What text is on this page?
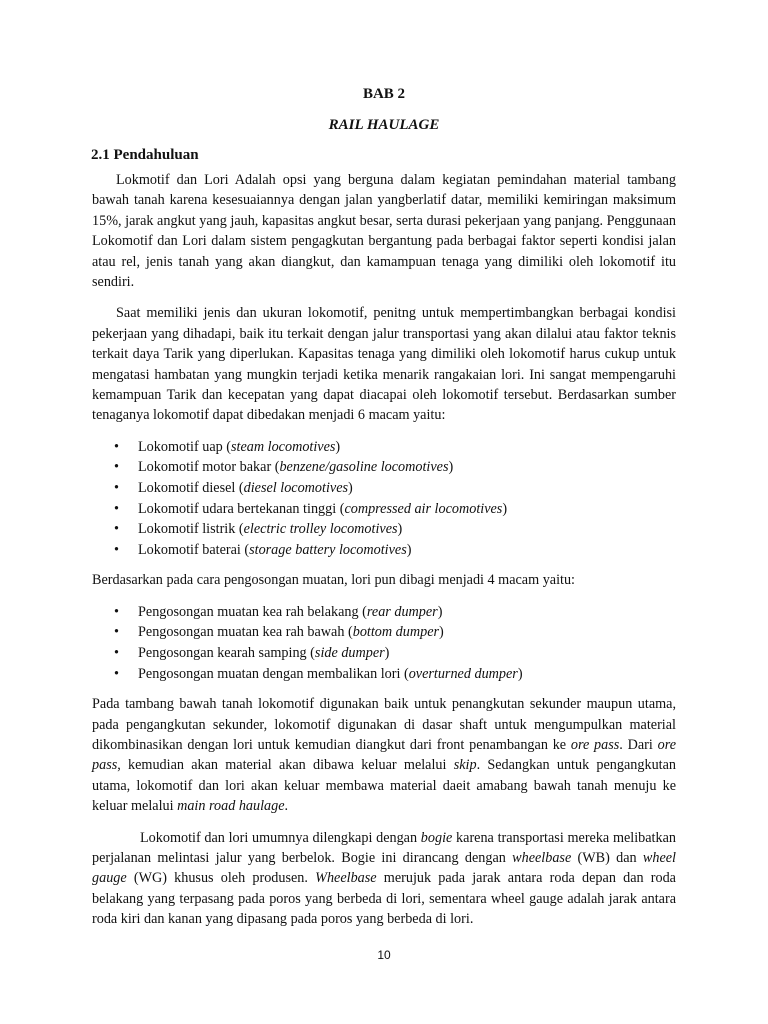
BAB 2
RAIL HAULAGE
2.1 Pendahuluan

Lokmotif dan Lori Adalah opsi yang berguna dalam kegiatan pemindahan material tambang bawah tanah karena kesesuaiannya dengan jalan yangberlatif datar, memiliki kemiringan maksimum 15%, jarak angkut yang jauh, kapasitas angkut besar, serta durasi pekerjaan yang panjang. Penggunaan Lokomotif dan Lori dalam sistem pengagkutan bergantung pada berbagai faktor seperti kondisi jalan atau rel, jenis tanah yang akan diangkut, dan kamampuan tenaga yang dimiliki oleh lokomotif itu sendiri.

Saat memiliki jenis dan ukuran lokomotif, penitng untuk mempertimbangkan berbagai kondisi pekerjaan yang dihadapi, baik itu terkait dengan jalur transportasi yang akan dilalui atau faktor teknis terkait daya Tarik yang diperlukan. Kapasitas tenaga yang dimiliki oleh lokomotif harus cukup untuk mengatasi hambatan yang mungkin terjadi ketika menarik rangakaian lori. Ini sangat mempengaruhi kemampuan Tarik dan kecepatan yang dapat diacapai oleh lokomotif tersebut. Berdasarkan sumber tenaganya lokomotif dapat dibedakan menjadi 6 macam yaitu:

• Lokomotif uap (steam locomotives)
• Lokomotif motor bakar (benzene/gasoline locomotives)
• Lokomotif diesel (diesel locomotives)
• Lokomotif udara bertekanan tinggi (compressed air locomotives)
• Lokomotif listrik (electric trolley locomotives)
• Lokomotif baterai (storage battery locomotives)

Berdasarkan pada cara pengosongan muatan, lori pun dibagi menjadi 4 macam yaitu:

• Pengosongan muatan kea rah belakang (rear dumper)
• Pengosongan muatan kea rah bawah (bottom dumper)
• Pengosongan kearah samping (side dumper)
• Pengosongan muatan dengan membalikan lori (overturned dumper)

Pada tambang bawah tanah lokomotif digunakan baik untuk penangkutan sekunder maupun utama, pada pengangkutan sekunder, lokomotif digunakan di dasar shaft untuk mengumpulkan material dikombinasikan dengan lori untuk kemudian diangkut dari front penambangan ke ore pass. Dari ore pass, kemudian akan material akan dibawa keluar melalui skip. Sedangkan untuk pengangkutan utama, lokomotif dan lori akan keluar membawa material daeit amabang bawah tanah menuju ke keluar melalui main road haulage.

Lokomotif dan lori umumnya dilengkapi dengan bogie karena transportasi mereka melibatkan perjalanan melintasi jalur yang berbelok. Bogie ini dirancang dengan wheelbase (WB) dan wheel gauge (WG) khusus oleh produsen. Wheelbase merujuk pada jarak antara roda depan dan roda belakang yang terpasang pada poros yang berbeda di lori, sementara wheel gauge adalah jarak antara roda kiri dan kanan yang dipasang pada poros yang berbeda di lori.

10
